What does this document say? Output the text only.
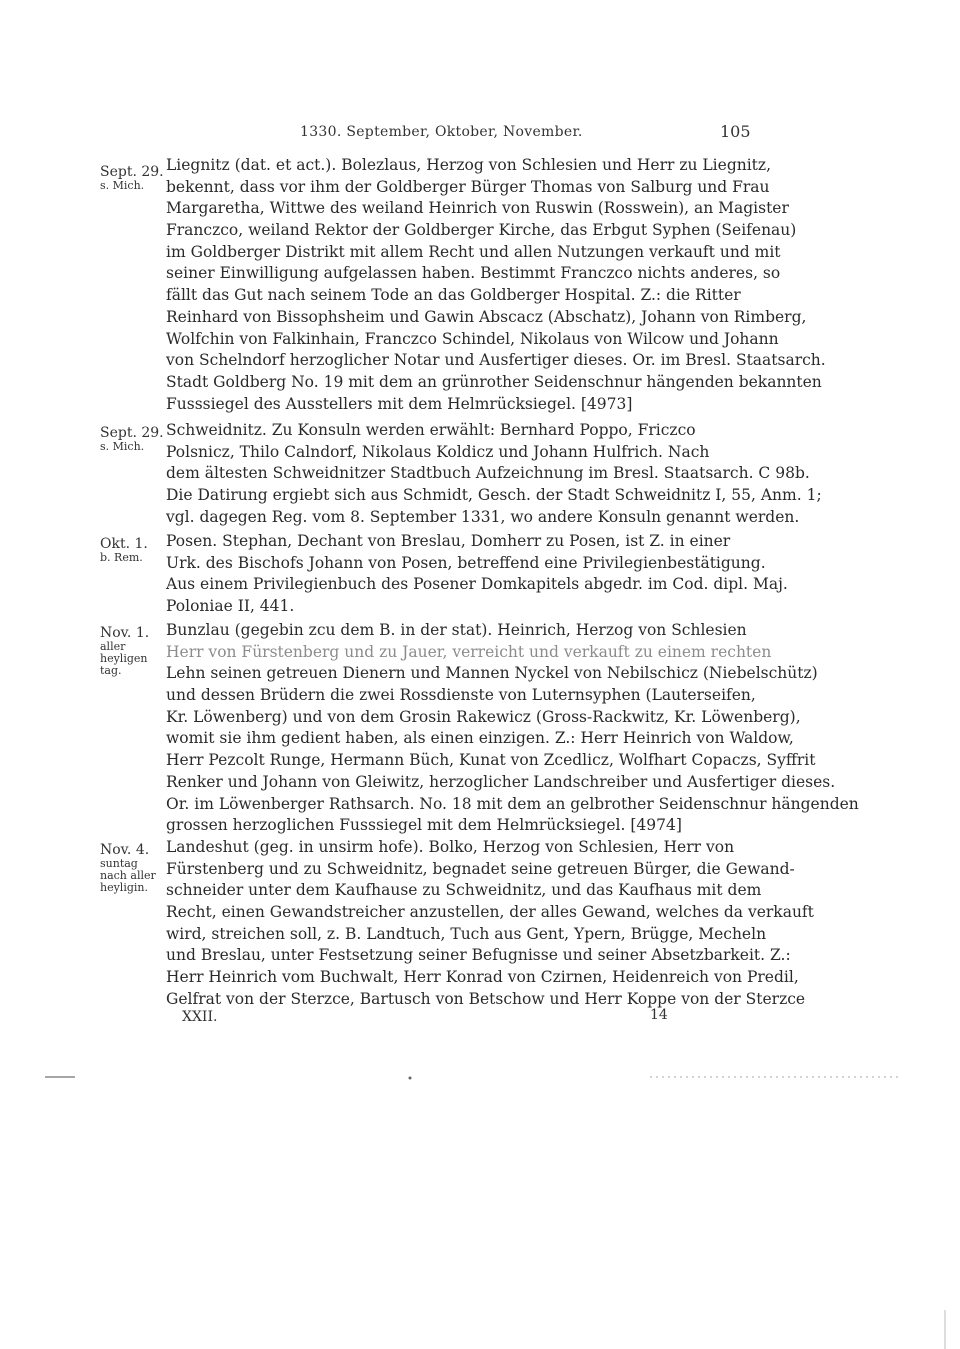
1330. September, Oktober, November.	105
Sept. 29.
s. Mich.
Liegnitz (dat. et act.). Bolezlaus, Herzog von Schlesien und Herr zu Liegnitz,
bekennt, dass vor ihm der Goldberger Bürger Thomas von Salburg und Frau
Margaretha, Wittwe des weiland Heinrich von Ruswin (Rosswein), an Magister
Franczco, weiland Rektor der Goldberger Kirche, das Erbgut Syphen (Seifenau)
im Goldberger Distrikt mit allem Recht und allen Nutzungen verkauft und mit
seiner Einwilligung aufgelassen haben. Bestimmt Franczco nichts anderes, so
fällt das Gut nach seinem Tode an das Goldberger Hospital. Z.: die Ritter
Reinhard von Bissophsheim und Gawin Abscacz (Abschatz), Johann von Rimberg,
Wolfchin von Falkinhain, Franczco Schindel, Nikolaus von Wilcow und Johann
von Schelndorf herzoglicher Notar und Ausfertiger dieses. Or. im Bresl. Staatsarch.
Stadt Goldberg No. 19 mit dem an grünrother Seidenschnur hängenden bekannten
Fusssiegel des Ausstellers mit dem Helmrücksiegel. [4973]
Sept. 29.
s. Mich.
Schweidnitz. Zu Konsuln werden erwählt: Bernhard Poppo, Friczco
Polsnicz, Thilo Calndorf, Nikolaus Koldicz und Johann Hulfrich. Nach
dem ältesten Schweidnitzer Stadtbuch Aufzeichnung im Bresl. Staatsarch. C 98b.
Die Datirung ergiebt sich aus Schmidt, Gesch. der Stadt Schweidnitz I, 55, Anm. 1;
vgl. dagegen Reg. vom 8. September 1331, wo andere Konsuln genannt werden.
Okt. 1.
b. Rem.
Posen. Stephan, Dechant von Breslau, Domherr zu Posen, ist Z. in einer
Urk. des Bischofs Johann von Posen, betreffend eine Privilegienbestätigung.
Aus einem Privilegienbuch des Posener Domkapitels abgedr. im Cod. dipl. Maj.
Poloniae II, 441.
Nov. 1.
aller heyligen tag.
Bunzlau (gegebin zcu dem B. in der stat). Heinrich, Herzog von Schlesien
Herr von Fürstenberg und zu Jauer, verreicht und verkauft zu einem rechten
Lehn seinen getreuen Dienern und Mannen Nyckel von Nebilschicz (Niebelschütz)
und dessen Brüdern die zwei Rossdienste von Luternsyphen (Lauterseifen,
Kr. Löwenberg) und von dem Grosin Rakewicz (Gross-Rackwitz, Kr. Löwenberg),
womit sie ihm gedient haben, als einen einzigen. Z.: Herr Heinrich von Waldow,
Herr Pezcolt Runge, Hermann Büch, Kunat von Zcedlicz, Wolfhart Copaczs, Syffrit
Renker und Johann von Gleiwitz, herzoglicher Landschreiber und Ausfertiger dieses.
Or. im Löwenberger Rathsarch. No. 18 mit dem an gelbrother Seidenschnur hängenden
grossen herzoglichen Fusssiegel mit dem Helmrücksiegel. [4974]
Nov. 4.
suntag nach aller heyligin.
Landeshut (geg. in unsirm hofe). Bolko, Herzog von Schlesien, Herr von
Fürstenberg und zu Schweidnitz, begnadet seine getreuen Bürger, die Gewand-
schneider unter dem Kaufhause zu Schweidnitz, und das Kaufhaus mit dem
Recht, einen Gewandstreicher anzustellen, der alles Gewand, welches da verkauft
wird, streichen soll, z. B. Landtuch, Tuch aus Gent, Ypern, Brügge, Mecheln
und Breslau, unter Festsetzung seiner Befugnisse und seiner Absetzbarkeit. Z.:
Herr Heinrich vom Buchwalt, Herr Konrad von Czirnen, Heidenreich von Predil,
Gelfrat von der Sterzce, Bartusch von Betschow und Herr Koppe von der Sterzce
XXII.	14
